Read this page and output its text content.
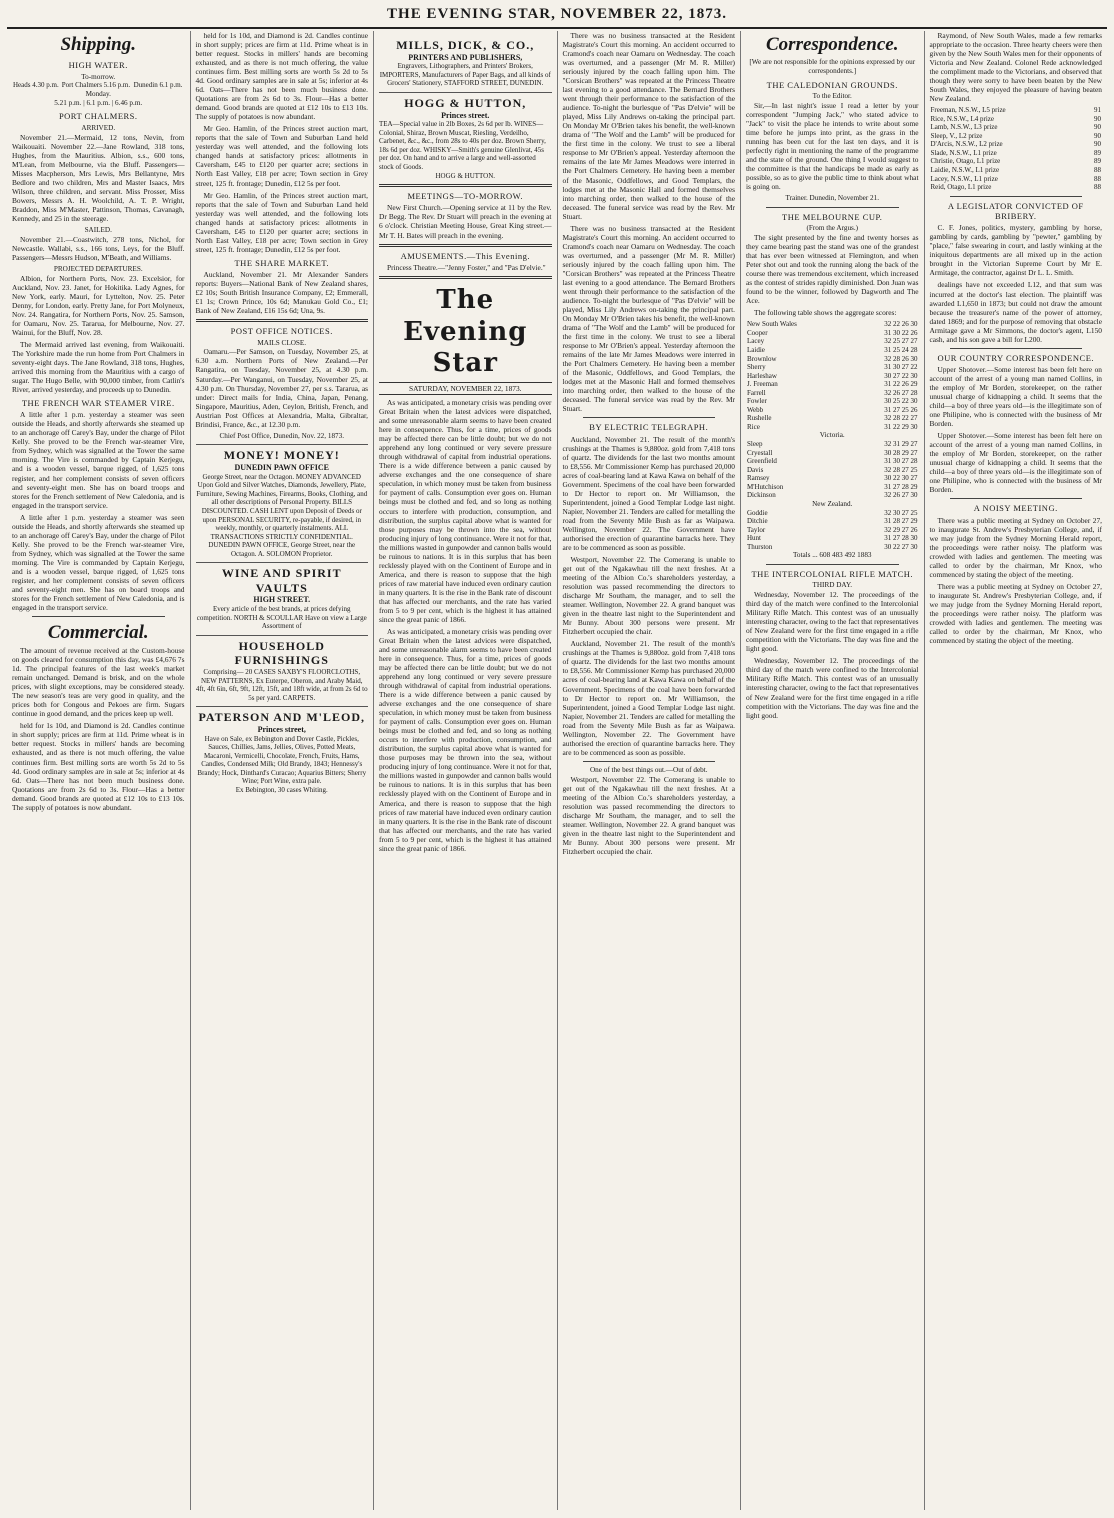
THE EVENING STAR, NOVEMBER 22, 1873.
Shipping.
HIGH WATER.
To-morrow.
Heads 4.30 p.m.	Port Chalmers 5.16 p.m.	Dunedin 6.1 p.m.
Monday.
5.21 p.m. | 6.1 p.m. | 6.46 p.m.
PORT CHALMERS.
ARRIVED.

November 21.—Mermaid, 12 tons, Nevin, from Waikouaiti. November 22.—Jane Rowland, 318 tons, Hughes, from the Mauritius. Albion, s.s., 600 tons, M'Lean, from Melbourne, via the Bluff. Passengers—Misses Macpherson, Mrs Lewis, Mrs Bellantyne, Mrs Bedlore and two children, Mrs and Master Isaacs, Mrs Wilson, three children, and servant. Miss Prosser, Miss Bowers, Messrs A. H. Woolchild, A. T. P. Wright, Braddon, Miss M'Master, Pattinson, Thomas, Cavanagh, Kennedy, and 25 in the steerage.

SAILED.

November 21.—Coastwitch, 278 tons, Nichol, for Newcastle. Wallabi, s.s., 166 tons, Leys, for the Bluff. Passengers—Messrs Hudson, M'Beath, and Williams.

PROJECTED DEPARTURES.

Albion, for Northern Ports, Nov. 23. Excelsior, for Auckland, Nov. 23. Janet, for Hokitika. Lady Agnes, for New York, early. Mauri, for Lyttelton, Nov. 25. Peter Denny, for London, early. Pretty Jane, for Port Molyneux, Nov. 24. Rangatira, for Northern Ports, Nov. 25. Samson, for Oamaru, Nov. 25. Tararua, for Melbourne, Nov. 27. Wainui, for the Bluff, Nov. 28.

The Mermaid arrived last evening, from Waikouaiti. The Yorkshire made the run home from Port Chalmers in seventy-eight days. The Jane Rowland, 318 tons, Hughes, arrived this morning from the Mauritius with a cargo of sugar. The Hugo Belle, with 90,000 timber, from Catlin's River, arrived yesterday, and proceeds up to Dunedin.

THE FRENCH WAR STEAMER VIRE.

A little after 1 p.m. yesterday a steamer was seen outside the Heads, and shortly afterwards she steamed up to an anchorage off Carey's Bay, under the charge of Pilot Kelly. She proved to be the French war-steamer Vire, from Sydney, which was signalled at the Tower the same morning. The Vire is commanded by Captain Kerjegu, and is a wooden vessel, barque rigged, of 1,625 tons register, and her complement consists of seven officers and seventy-eight men. She has on board troops and stores for the French settlement of New Caledonia, and is engaged in the transport service.

A little after 1 p.m. yesterday a steamer was seen outside the Heads, and shortly afterwards she steamed up to an anchorage off Carey's Bay, under the charge of Pilot Kelly. She proved to be the French war-steamer Vire, from Sydney, which was signalled at the Tower the same morning. The Vire is commanded by Captain Kerjegu, and is a wooden vessel, barque rigged, of 1,625 tons register, and her complement consists of seven officers and seventy-eight men. She has on board troops and stores for the French settlement of New Caledonia, and is engaged in the transport service.

Commercial.

The amount of revenue received at the Custom-house on goods cleared for consumption this day, was £4,676 7s 1d. The principal features of the last week's market remain unchanged. Demand is brisk, and on the whole prices, with slight exceptions, may be considered steady. The new season's teas are very good in quality, and the prices both for Congous and Pekoes are firm. Sugars continue in good demand, and the prices keep up well.

held for 1s 10d, and Diamond is 2d. Candles continue in short supply; prices are firm at 11d. Prime wheat is in better request. Stocks in millers' hands are becoming exhausted, and as there is not much offering, the value continues firm. Best milling sorts are worth 5s 2d to 5s 4d. Good ordinary samples are in sale at 5s; inferior at 4s 6d. Oats—There has not been much business done. Quotations are from 2s 6d to 3s. Flour—Has a better demand. Good brands are quoted at £12 10s to £13 10s. The supply of potatoes is now abundant.

held for 1s 10d, and Diamond is 2d. Candles continue in short supply; prices are firm at 11d. Prime wheat is in better request. Stocks in millers' hands are becoming exhausted, and as there is not much offering, the value continues firm. Best milling sorts are worth 5s 2d to 5s 4d. Good ordinary samples are in sale at 5s; inferior at 4s 6d. Oats—There has not been much business done. Quotations are from 2s 6d to 3s. Flour—Has a better demand. Good brands are quoted at £12 10s to £13 10s. The supply of potatoes is now abundant.

Mr Geo. Hamlin, of the Princes street auction mart, reports that the sale of Town and Suburban Land held yesterday was well attended, and the following lots changed hands at satisfactory prices: allotments in Caversham, £45 to £120 per quarter acre; sections in North East Valley, £18 per acre; Town section in Grey street, 125 ft. frontage; Dunedin, £12 5s per foot.

Mr Geo. Hamlin, of the Princes street auction mart, reports that the sale of Town and Suburban Land held yesterday was well attended, and the following lots changed hands at satisfactory prices: allotments in Caversham, £45 to £120 per quarter acre; sections in North East Valley, £18 per acre; Town section in Grey street, 125 ft. frontage; Dunedin, £12 5s per foot.

THE SHARE MARKET.

Auckland, November 21. Mr Alexander Sanders reports: Buyers—National Bank of New Zealand shares, £2 10s; South British Insurance Company, £2; Emmerall, £1 1s; Crown Prince, 10s 6d; Manukau Gold Co., £1; Bank of New Zealand, £16 15s 6d; Una, 9s.

POST OFFICE NOTICES.
MAILS CLOSE.

Oamaru.—Per Samson, on Tuesday, November 25, at 6.30 a.m. Northern Ports of New Zealand.—Per Rangatira, on Tuesday, November 25, at 4.30 p.m. Saturday.—Per Wanganui, on Tuesday, November 25, at 4.30 p.m. On Thursday, November 27, per s.s. Tararua, as under: Direct mails for India, China, Japan, Penang, Singapore, Mauritius, Aden, Ceylon, British, French, and Austrian Post Offices at Alexandria, Malta, Gibraltar, Brindisi, France, &c., at 12.30 p.m.

Chief Post Office, Dunedin, Nov. 22, 1873.
MONEY! MONEY!
DUNEDIN PAWN OFFICE
George Street, near the Octagon. MONEY ADVANCED Upon Gold and Silver Watches, Diamonds, Jewellery, Plate, Furniture, Sewing Machines, Firearms, Books, Clothing, and all other descriptions of Personal Property. BILLS DISCOUNTED. CASH LENT upon Deposit of Deeds or upon PERSONAL SECURITY, re-payable, if desired, in weekly, monthly, or quarterly instalments. ALL TRANSACTIONS STRICTLY CONFIDENTIAL.
DUNEDIN PAWN OFFICE, George Street, near the Octagon. A. SOLOMON Proprietor.
WINE AND SPIRIT VAULTS
HIGH STREET.
Every article of the best brands, at prices defying competition. NORTH & SCOULLAR Have on view a Large Assortment of
HOUSEHOLD FURNISHINGS
Comprising— 20 CASES SAXBY'S FLOORCLOTHS, NEW PATTERNS, Ex Euterpe, Oberon, and Araby Maid, 4ft, 4ft 6in, 6ft, 9ft, 12ft, 15ft, and 18ft wide, at from 2s 6d to 5s per yard. CARPETS.
PATERSON AND M'LEOD,
Princes street,
Have on Sale, ex Bebington and Dover Castle, Pickles, Sauces, Chillies, Jams, Jellies, Olives, Potted Meats, Macaroni, Vermicelli, Chocolate, French, Fruits, Hams, Candles, Condensed Milk; Old Brandy, 1843; Hennessy's Brandy; Hock, Dinthard's Curacao; Aquarius Bitters; Sherry Wine; Port Wine, extra pale.
Ex Bebington, 30 cases Whiting.
MILLS, DICK, & CO.,
PRINTERS AND PUBLISHERS,
Engravers, Lithographers, and Printers' Brokers, IMPORTERS, Manufacturers of Paper Bags, and all kinds of Grocers' Stationery, STAFFORD STREET, DUNEDIN.
HOGG & HUTTON,
Princes street.
TEA—Special value in 2lb Boxes, 2s 6d per lb. WINES—Colonial, Shiraz, Brown Muscat, Riesling, Verdeilho, Carbenet, &c., &c., from 28s to 40s per doz. Brown Sherry, 18s 6d per doz. WHISKY—Smith's genuine Glenlivat, 45s per doz. On hand and to arrive a large and well-assorted stock of Goods.
HOGG & HUTTON.
MEETINGS—TO-MORROW.

New First Church.—Opening service at 11 by the Rev. Dr Begg. The Rev. Dr Stuart will preach in the evening at 6 o'clock. Christian Meeting House, Great King street.—Mr T. H. Bates will preach in the evening.

AMUSEMENTS.—This Evening.

Princess Theatre.—"Jenny Foster," and "Pas D'elvie."

The Evening Star
SATURDAY, NOVEMBER 22, 1873.

As was anticipated, a monetary crisis was pending over Great Britain when the latest advices were dispatched, and some unreasonable alarm seems to have been created here in consequence. Thus, for a time, prices of goods may be affected there can be little doubt; but we do not apprehend any long continued or very severe pressure through withdrawal of capital from industrial operations. There is a wide difference between a panic caused by adverse exchanges and the one consequence of share speculation, in which money must be taken from business for payment of calls. Consumption ever goes on. Human beings must be clothed and fed, and so long as nothing occurs to interfere with production, consumption, and distribution, the surplus capital above what is wanted for those purposes may be thrown into the sea, without producing injury of long continuance. Were it not for that, the millions wasted in gunpowder and cannon balls would be ruinous to nations. It is in this surplus that has been recklessly played with on the Continent of Europe and in America, and there is reason to suppose that the high prices of raw material have induced even ordinary caution in many quarters. It is the rise in the Bank rate of discount that has affected our merchants, and the rate has varied from 5 to 9 per cent, which is the highest it has attained since the great panic of 1866.

As was anticipated, a monetary crisis was pending over Great Britain when the latest advices were dispatched, and some unreasonable alarm seems to have been created here in consequence. Thus, for a time, prices of goods may be affected there can be little doubt; but we do not apprehend any long continued or very severe pressure through withdrawal of capital from industrial operations. There is a wide difference between a panic caused by adverse exchanges and the one consequence of share speculation, in which money must be taken from business for payment of calls. Consumption ever goes on. Human beings must be clothed and fed, and so long as nothing occurs to interfere with production, consumption, and distribution, the surplus capital above what is wanted for those purposes may be thrown into the sea, without producing injury of long continuance. Were it not for that, the millions wasted in gunpowder and cannon balls would be ruinous to nations. It is in this surplus that has been recklessly played with on the Continent of Europe and in America, and there is reason to suppose that the high prices of raw material have induced even ordinary caution in many quarters. It is the rise in the Bank rate of discount that has affected our merchants, and the rate has varied from 5 to 9 per cent, which is the highest it has attained since the great panic of 1866.

There was no business transacted at the Resident Magistrate's Court this morning. An accident occurred to Cramond's coach near Oamaru on Wednesday. The coach was overturned, and a passenger (Mr M. R. Miller) seriously injured by the coach falling upon him. The "Corsican Brothers" was repeated at the Princess Theatre last evening to a good attendance. The Bernard Brothers went through their performance to the satisfaction of the audience. To-night the burlesque of "Pas D'elvie" will be played, Miss Lily Andrews on-taking the principal part. On Monday Mr O'Brien takes his benefit, the well-known drama of "The Wolf and the Lamb" will be produced for the first time in the colony. We trust to see a liberal response to Mr O'Brien's appeal. Yesterday afternoon the remains of the late Mr James Meadows were interred in the Port Chalmers Cemetery. He having been a member of the Masonic, Oddfellows, and Good Templars, the lodges met at the Masonic Hall and formed themselves into marching order, then walked to the house of the deceased. The funeral service was read by the Rev. Mr Stuart.

There was no business transacted at the Resident Magistrate's Court this morning. An accident occurred to Cramond's coach near Oamaru on Wednesday. The coach was overturned, and a passenger (Mr M. R. Miller) seriously injured by the coach falling upon him. The "Corsican Brothers" was repeated at the Princess Theatre last evening to a good attendance. The Bernard Brothers went through their performance to the satisfaction of the audience. To-night the burlesque of "Pas D'elvie" will be played, Miss Lily Andrews on-taking the principal part. On Monday Mr O'Brien takes his benefit, the well-known drama of "The Wolf and the Lamb" will be produced for the first time in the colony. We trust to see a liberal response to Mr O'Brien's appeal. Yesterday afternoon the remains of the late Mr James Meadows were interred in the Port Chalmers Cemetery. He having been a member of the Masonic, Oddfellows, and Good Templars, the lodges met at the Masonic Hall and formed themselves into marching order, then walked to the house of the deceased. The funeral service was read by the Rev. Mr Stuart.

BY ELECTRIC TELEGRAPH.

Auckland, November 21. The result of the month's crushings at the Thames is 9,880oz. gold from 7,418 tons of quartz. The dividends for the last two months amount to £8,556. Mr Commissioner Kemp has purchased 20,000 acres of coal-bearing land at Kawa Kawa on behalf of the Government. Specimens of the coal have been forwarded to Dr Hector to report on. Mr Williamson, the Superintendent, joined a Good Templar Lodge last night. Napier, November 21. Tenders are called for metalling the road from the Seventy Mile Bush as far as Waipawa. Wellington, November 22. The Government have authorised the erection of quarantine barracks here. They are to be commenced as soon as possible.

Westport, November 22. The Comerang is unable to get out of the Ngakawhau till the next freshes. At a meeting of the Albion Co.'s shareholders yesterday, a resolution was passed recommending the directors to discharge Mr Southam, the manager, and to sell the steamer. Wellington, November 22. A grand banquet was given in the theatre last night to the Superintendent and Mr Bunny. About 300 persons were present. Mr Fitzherbert occupied the chair.

Auckland, November 21. The result of the month's crushings at the Thames is 9,880oz. gold from 7,418 tons of quartz. The dividends for the last two months amount to £8,556. Mr Commissioner Kemp has purchased 20,000 acres of coal-bearing land at Kawa Kawa on behalf of the Government. Specimens of the coal have been forwarded to Dr Hector to report on. Mr Williamson, the Superintendent, joined a Good Templar Lodge last night. Napier, November 21. Tenders are called for metalling the road from the Seventy Mile Bush as far as Waipawa. Wellington, November 22. The Government have authorised the erection of quarantine barracks here. They are to be commenced as soon as possible.

One of the best things out.—Out of debt.

Westport, November 22. The Comerang is unable to get out of the Ngakawhau till the next freshes. At a meeting of the Albion Co.'s shareholders yesterday, a resolution was passed recommending the directors to discharge Mr Southam, the manager, and to sell the steamer. Wellington, November 22. A grand banquet was given in the theatre last night to the Superintendent and Mr Bunny. About 300 persons were present. Mr Fitzherbert occupied the chair.

Correspondence.
[We are not responsible for the opinions expressed by our correspondents.]
THE CALEDONIAN GROUNDS.
To the Editor.

Sir,—In last night's issue I read a letter by your correspondent "Jumping Jack," who stated advice to "Jack" to visit the place he intends to write about some time before he jumps into print, as the grass in the running has been cut for the last ten days, and it is perfectly right in mentioning the name of the programme and the state of the ground. One thing I would suggest to the committee is that the handicaps be made as early as possible, so as to give the public time to think about what is going on.

Trainer. Dunedin, November 21.
THE MELBOURNE CUP.
(From the Argus.)

The sight presented by the fine and twenty horses as they came bearing past the stand was one of the grandest that has ever been witnessed at Flemington, and when Peter shot out and took the running along the back of the course there was tremendous excitement, which increased as the contest of strides rapidly diminished. Don Juan was found to be the winner, followed by Dagworth and The Ace.

The following table shows the aggregate scores:

New South Wales	32 22 26 30
Cooper	31 30 22 26
Lacey	32 25 27 27
Laidie	31 25 24 28
Brownlow	32 28 26 30
Sherry	31 30 27 22
Harleshaw	30 27 22 30
J. Freeman	31 22 26 29
Farrell	32 26 27 28
Fowler	30 25 22 30
Webb	31 27 25 26
Rushelle	32 28 22 27
Rice	31 22 29 30
Victoria.
Sleep	32 31 29 27
Cryestall	30 28 29 27
Greenfield	31 30 27 28
Davis	32 28 27 25
Ramsey	30 22 30 27
M'Hutchison	31 27 28 29
Dickinson	32 26 27 30
New Zealand.
Goddie	32 30 27 25
Ditchie	31 28 27 29
Taylor	32 29 27 26
Hunt	31 27 28 30
Thurston	30 22 27 30
Totals ... 608 483 492 1883
THE INTERCOLONIAL RIFLE MATCH.
THIRD DAY.

Wednesday, November 12. The proceedings of the third day of the match were confined to the Intercolonial Military Rifle Match. This contest was of an unusually interesting character, owing to the fact that representatives of New Zealand were for the first time engaged in a rifle competition with the Victorians. The day was fine and the light good.

Wednesday, November 12. The proceedings of the third day of the match were confined to the Intercolonial Military Rifle Match. This contest was of an unusually interesting character, owing to the fact that representatives of New Zealand were for the first time engaged in a rifle competition with the Victorians. The day was fine and the light good.

Raymond, of New South Wales, made a few remarks appropriate to the occasion. Three hearty cheers were then given by the New South Wales men for their opponents of Victoria and New Zealand. Colonel Rede acknowledged the compliment made to the Victorians, and observed that though they were sorry to have been beaten by the New South Wales, they enjoyed the pleasure of having beaten New Zealand.

Freeman, N.S.W., L5 prize	91
Rice, N.S.W., L4 prize	90
Lamb, N.S.W., L3 prize	90
Sleep, V., L2 prize	90
D'Arcis, N.S.W., L2 prize	90
Slade, N.S.W., L1 prize	89
Christie, Otago, L1 prize	89
Laidie, N.S.W., L1 prize	88
Lacey, N.S.W., L1 prize	88
Reid, Otago, L1 prize	88
A LEGISLATOR CONVICTED OF BRIBERY.

C. F. Jones, politics, mystery, gambling by horse, gambling by cards, gambling by "pewter," gambling by "place," false swearing in court, and lastly winking at the iniquitous departments are all mixed up in the action brought in the Victorian Supreme Court by Mr E. Armitage, the contractor, against Dr L. L. Smith.

dealings have not exceeded L12, and that sum was incurred at the doctor's last election. The plaintiff was awarded L1,650 in 1873; but could not draw the amount because the treasurer's name of the power of attorney, dated 1869; and for the purpose of removing that obstacle Armitage gave a Mr Simmons, the doctor's agent, L150 cash, and his son gave a bill for L200.

OUR COUNTRY CORRESPONDENCE.

Upper Shotover.—Some interest has been felt here on account of the arrest of a young man named Collins, in the employ of Mr Borden, storekeeper, on the rather unusual charge of kidnapping a child. It seems that the child—a boy of three years old—is the illegitimate son of one Philipine, who is connected with the business of Mr Borden.

Upper Shotover.—Some interest has been felt here on account of the arrest of a young man named Collins, in the employ of Mr Borden, storekeeper, on the rather unusual charge of kidnapping a child. It seems that the child—a boy of three years old—is the illegitimate son of one Philipine, who is connected with the business of Mr Borden.

A NOISY MEETING.

There was a public meeting at Sydney on October 27, to inaugurate St. Andrew's Presbyterian College, and, if we may judge from the Sydney Morning Herald report, the proceedings were rather noisy. The platform was crowded with ladies and gentlemen. The meeting was called to order by the chairman, Mr Knox, who commenced by stating the object of the meeting.

There was a public meeting at Sydney on October 27, to inaugurate St. Andrew's Presbyterian College, and, if we may judge from the Sydney Morning Herald report, the proceedings were rather noisy. The platform was crowded with ladies and gentlemen. The meeting was called to order by the chairman, Mr Knox, who commenced by stating the object of the meeting.
